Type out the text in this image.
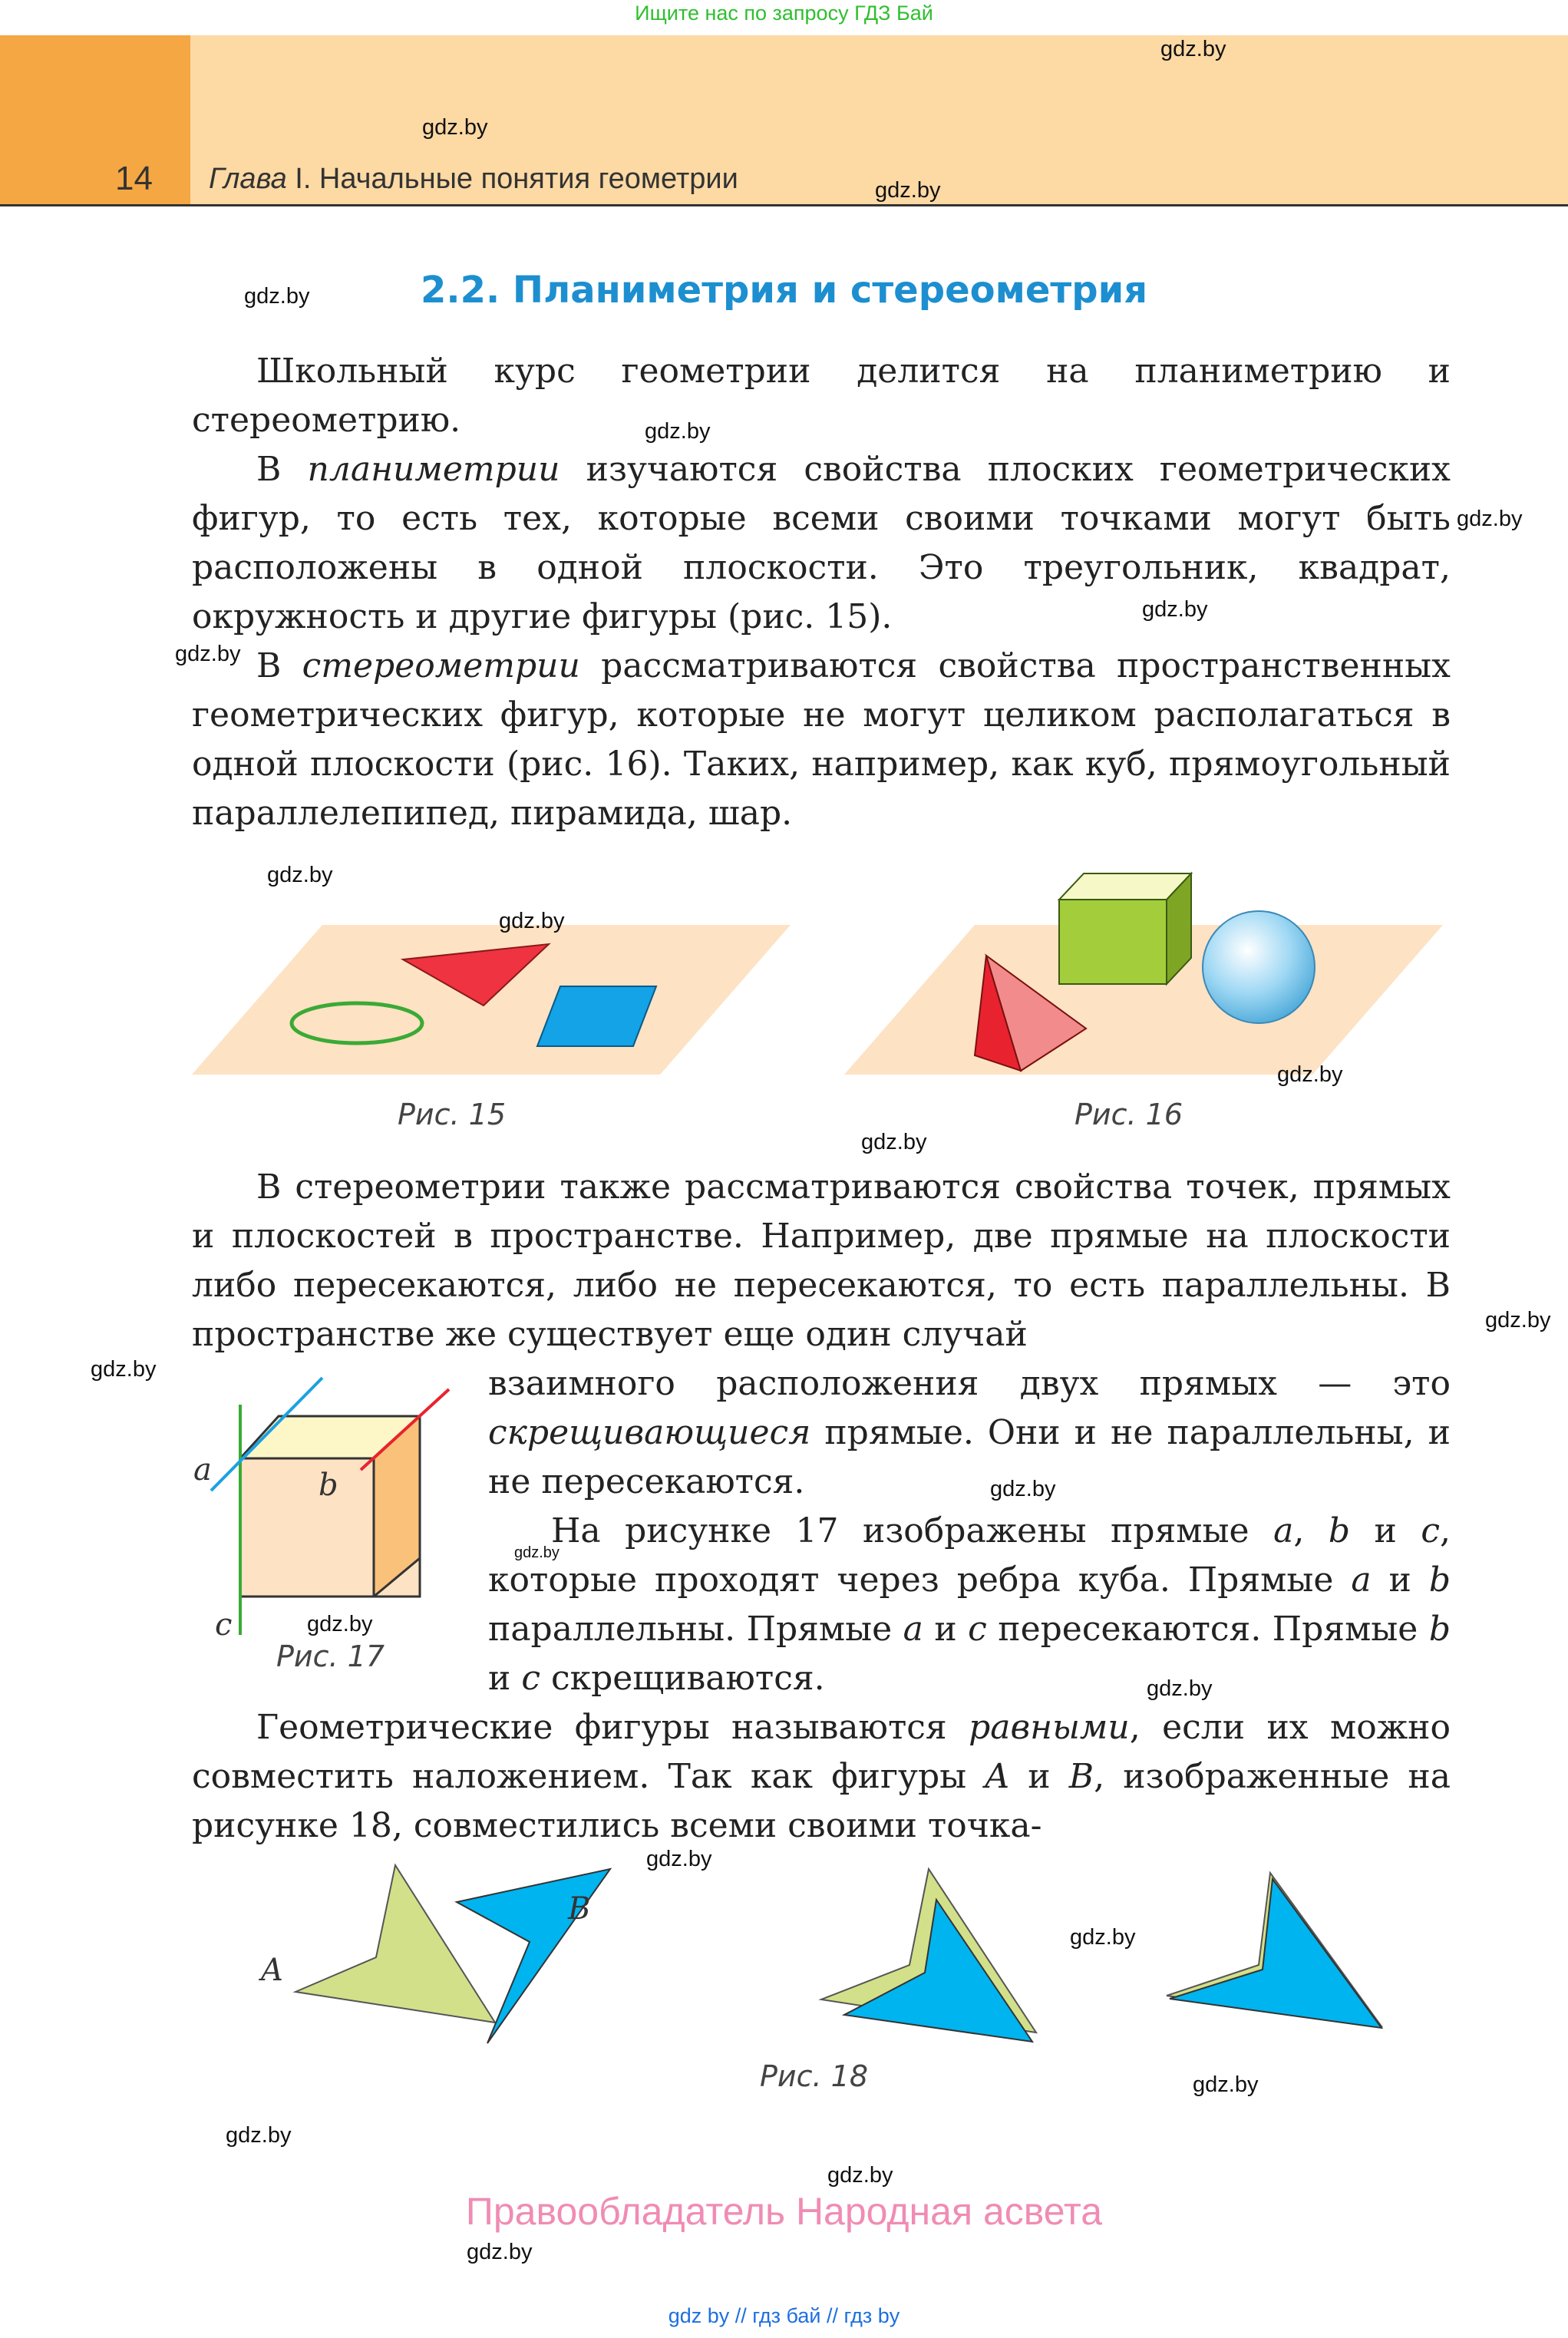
Ищите нас по запросу ГДЗ Бай
14 Глава I. Начальные понятия геометрии
2.2. Планиметрия и стереометрия

Школьный курс геометрии делится на планиметрию и стереометрию.

В планиметрии изучаются свойства плоских геометрических фигур, то есть тех, которые всеми своими точками могут быть расположены в одной плоскости. Это треугольник, квадрат, окружность и другие фигуры (рис. 15).

В стереометрии рассматриваются свойства пространственных геометрических фигур, которые не могут целиком располагаться в одной плоскости (рис. 16). Таких, например, как куб, прямоугольный параллелепипед, пирамида, шар.

Рис. 15	Рис. 16

В стереометрии также рассматриваются свойства точек, прямых и плоскостей в пространстве. Например, две прямые на плоскости либо пересекаются, либо не пересекаются, то есть параллельны. В пространстве же существует еще один случай

взаимного расположения двух прямых — это скрещивающиеся прямые. Они и не параллельны, и не пересекаются.

a	b
c
Рис. 17

На рисунке 17 изображены прямые a, b и c, которые проходят через ребра куба. Прямые a и b параллельны. Прямые a и c пересекаются. Прямые b и c скрещиваются.

Геометрические фигуры называются равными, если их можно совместить наложением. Так как фигуры A и B, изображенные на рисунке 18, совместились всеми своими точка-

A
B
Рис. 18
gdz.by
gdz.by
gdz.by
gdz.by
gdz.by
gdz.by
gdz.by
gdz.by
gdz.by
gdz.by
gdz.by
gdz.by
gdz.by
gdz.by
gdz.by
gdz.by
gdz.by
gdz.by
gdz.by
gdz.by
gdz.by
gdz.by
gdz.by
gdz.by
Правообладатель Народная асвета
gdz by // гдз бай // гдз by
